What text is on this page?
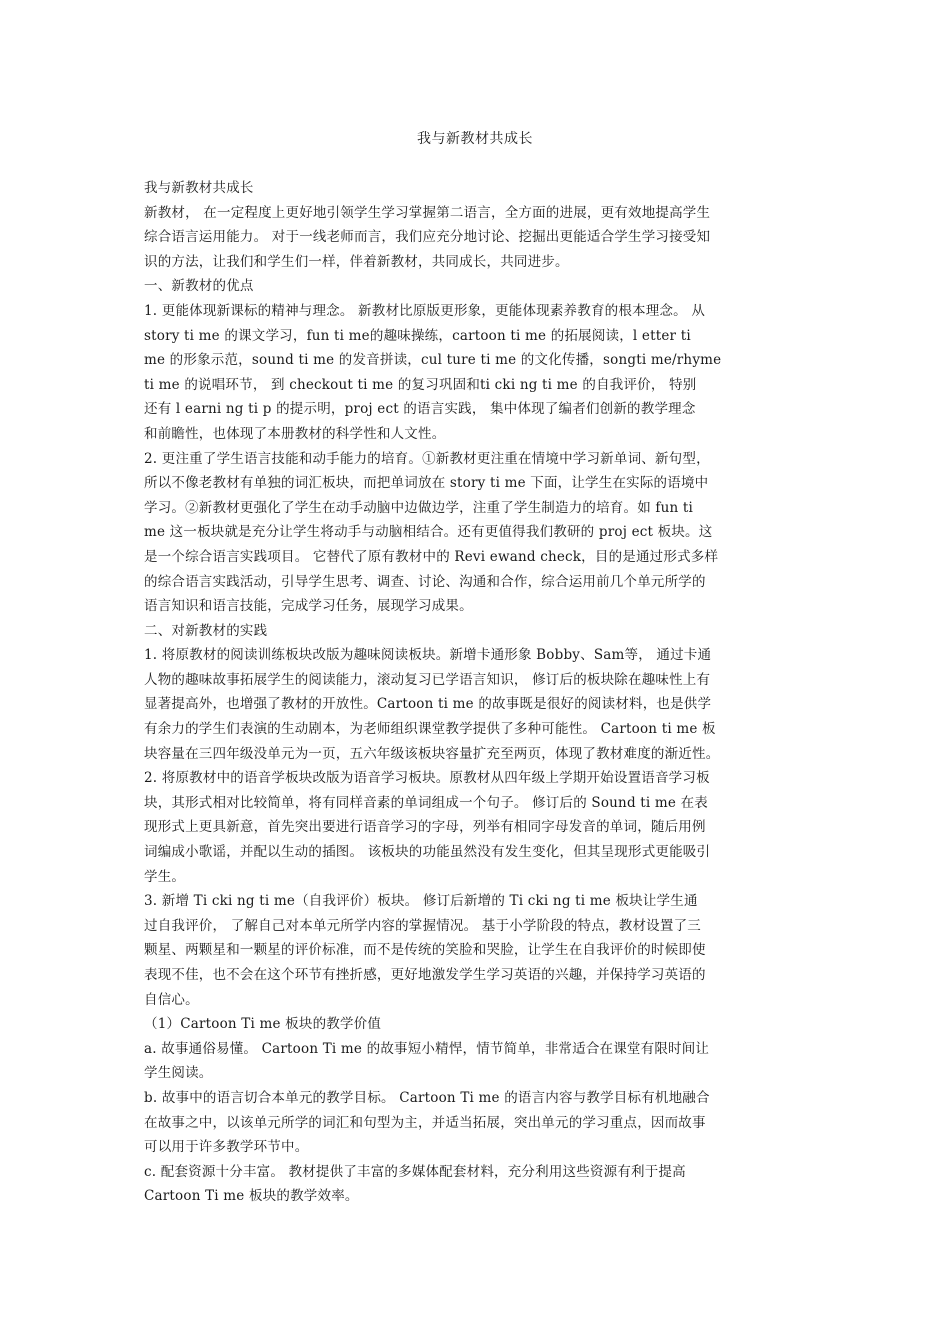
我与新教材共成长
我与新教材共成长
新教材， 在一定程度上更好地引领学生学习掌握第二语言，全方面的进展，更有效地提高学生
综合语言运用能力。 对于一线老师而言，我们应充分地讨论、挖掘出更能适合学生学习接受知
识的方法，让我们和学生们一样，伴着新教材，共同成长，共同进步。
一、新教材的优点
1. 更能体现新课标的精神与理念。 新教材比原版更形象，更能体现素养教育的根本理念。 从
story ti me 的课文学习，fun ti me的趣味操练，cartoon ti me 的拓展阅读，l etter ti
me 的形象示范，sound ti me 的发音拼读，cul ture ti me 的文化传播，songti me/rhyme
ti me 的说唱环节， 到 checkout ti me 的复习巩固和ti cki ng ti me 的自我评价， 特别
还有 l earni ng ti p 的提示明，proj ect 的语言实践， 集中体现了编者们创新的教学理念
和前瞻性，也体现了本册教材的科学性和人文性。
2. 更注重了学生语言技能和动手能力的培育。①新教材更注重在情境中学习新单词、新句型，
所以不像老教材有单独的词汇板块，而把单词放在 story ti me 下面，让学生在实际的语境中
学习。②新教材更强化了学生在动手动脑中边做边学，注重了学生制造力的培育。如 fun ti
me 这一板块就是充分让学生将动手与动脑相结合。还有更值得我们教研的 proj ect 板块。这
是一个综合语言实践项目。 它替代了原有教材中的 Revi ewand check，目的是通过形式多样
的综合语言实践活动，引导学生思考、调查、讨论、沟通和合作，综合运用前几个单元所学的
语言知识和语言技能，完成学习任务，展现学习成果。
二、对新教材的实践
1. 将原教材的阅读训练板块改版为趣味阅读板块。新增卡通形象 Bobby、Sam等， 通过卡通
人物的趣味故事拓展学生的阅读能力，滚动复习已学语言知识， 修订后的板块除在趣味性上有
显著提高外，也增强了教材的开放性。Cartoon ti me 的故事既是很好的阅读材料，也是供学
有余力的学生们表演的生动剧本，为老师组织课堂教学提供了多种可能性。 Cartoon ti me 板
块容量在三四年级没单元为一页，五六年级该板块容量扩充至两页，体现了教材难度的渐近性。
2. 将原教材中的语音学板块改版为语音学习板块。原教材从四年级上学期开始设置语音学习板
块，其形式相对比较简单，将有同样音素的单词组成一个句子。 修订后的 Sound ti me 在表
现形式上更具新意，首先突出要进行语音学习的字母，列举有相同字母发音的单词，随后用例
词编成小歌谣，并配以生动的插图。 该板块的功能虽然没有发生变化，但其呈现形式更能吸引
学生。
3. 新增 Ti cki ng ti me（自我评价）板块。 修订后新增的 Ti cki ng ti me 板块让学生通
过自我评价， 了解自己对本单元所学内容的掌握情况。 基于小学阶段的特点，教材设置了三
颗星、两颗星和一颗星的评价标准，而不是传统的笑脸和哭脸，让学生在自我评价的时候即使
表现不佳，也不会在这个环节有挫折感，更好地激发学生学习英语的兴趣，并保持学习英语的
自信心。
（1）Cartoon Ti me 板块的教学价值
a. 故事通俗易懂。 Cartoon Ti me 的故事短小精悍，情节简单，非常适合在课堂有限时间让
学生阅读。
b. 故事中的语言切合本单元的教学目标。 Cartoon Ti me 的语言内容与教学目标有机地融合
在故事之中，以该单元所学的词汇和句型为主，并适当拓展，突出单元的学习重点，因而故事
可以用于许多教学环节中。
c. 配套资源十分丰富。 教材提供了丰富的多媒体配套材料，充分利用这些资源有利于提高
Cartoon Ti me 板块的教学效率。
